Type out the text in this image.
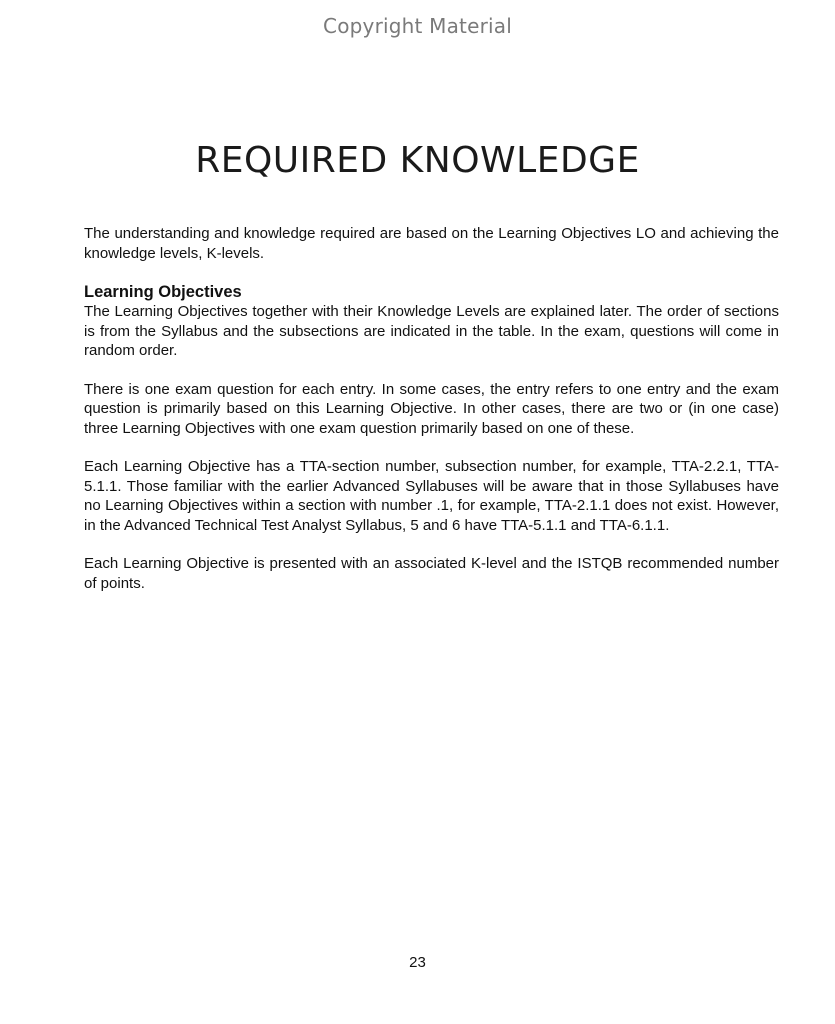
Copyright Material
REQUIRED KNOWLEDGE

The understanding and knowledge required are based on the Learning Objectives LO and achieving the knowledge levels, K-levels.

Learning Objectives

The Learning Objectives together with their Knowledge Levels are explained later. The order of sections is from the Syllabus and the subsections are indicated in the table. In the exam, questions will come in random order.

There is one exam question for each entry. In some cases, the entry refers to one entry and the exam question is primarily based on this Learning Objective. In other cases, there are two or (in one case) three Learning Objectives with one exam question primarily based on one of these.

Each Learning Objective has a TTA-section number, subsection number, for example, TTA-2.2.1, TTA-5.1.1. Those familiar with the earlier Advanced Syllabuses will be aware that in those Syllabuses have no Learning Objectives within a section with number .1, for example, TTA-2.1.1 does not exist. However, in the Advanced Technical Test Analyst Syllabus, 5 and 6 have TTA-5.1.1 and TTA-6.1.1.

Each Learning Objective is presented with an associated K-level and the ISTQB recommended number of points.

23
